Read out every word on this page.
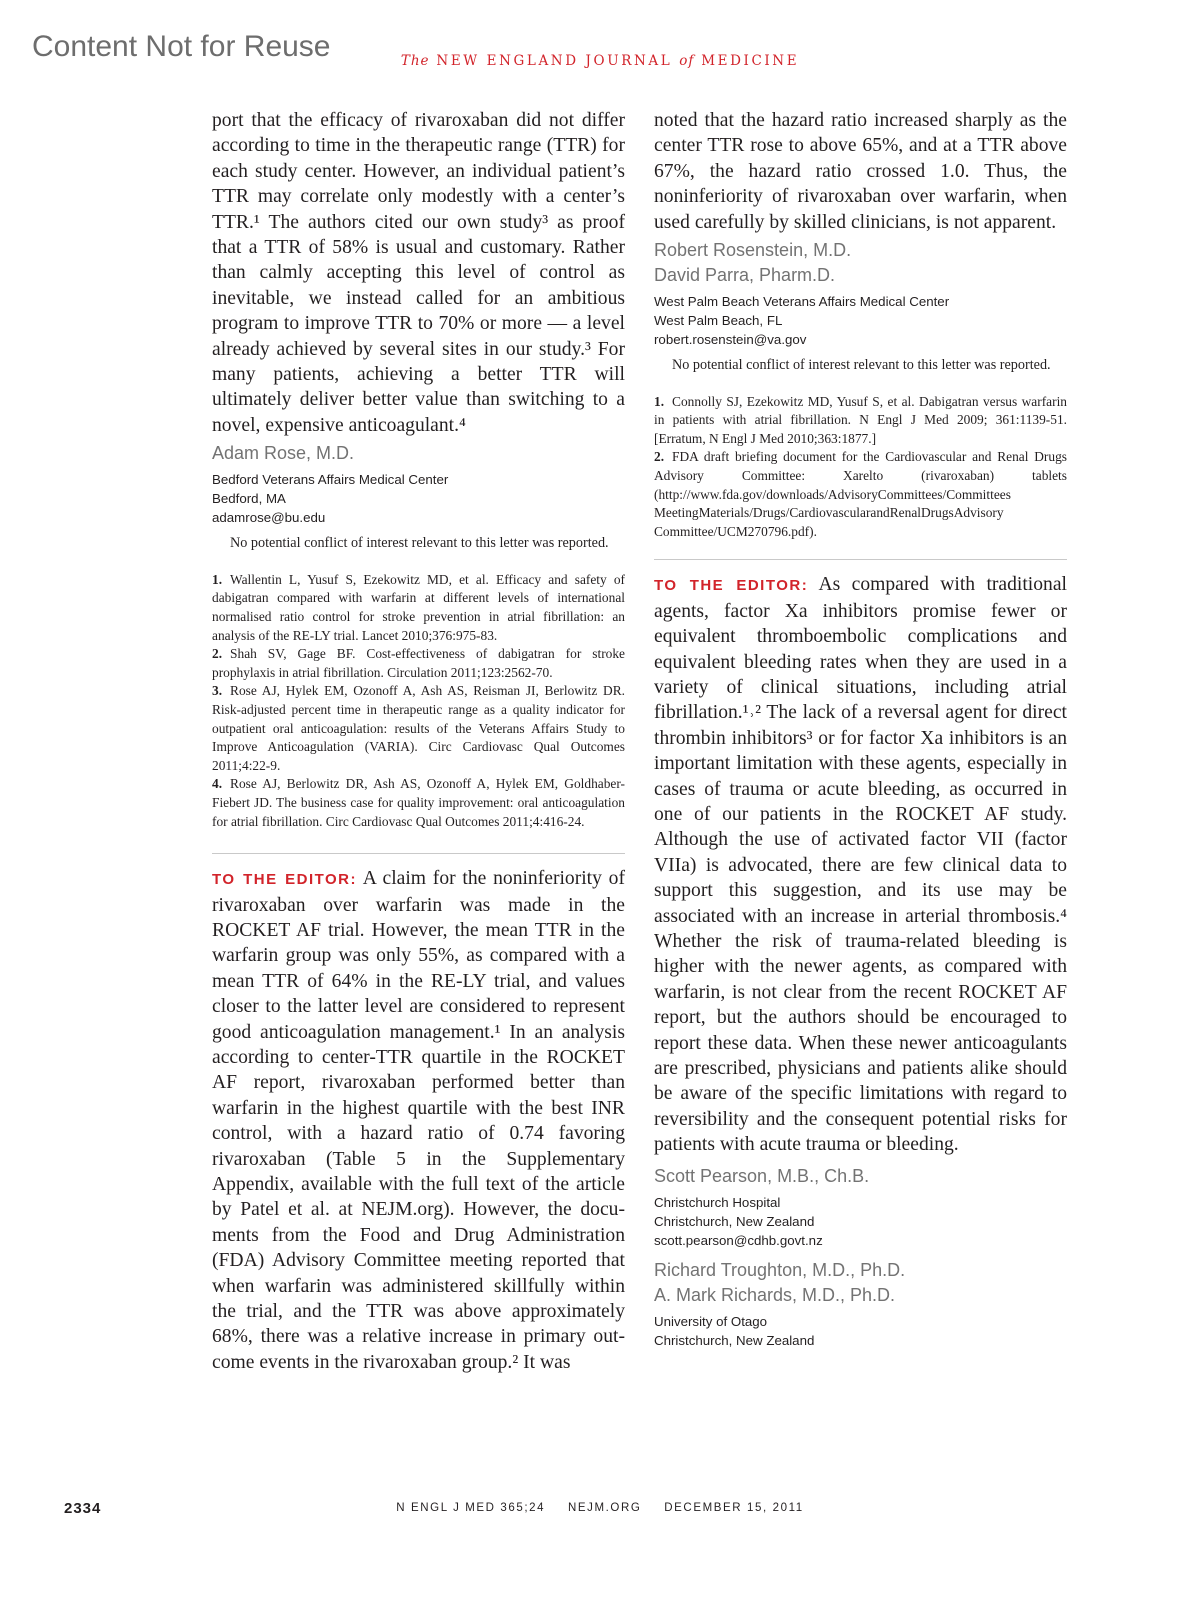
Content Not for Reuse	The NEW ENGLAND JOURNAL of MEDICINE

port that the efficacy of rivaroxaban did not differ according to time in the therapeutic range (TTR) for each study center. However, an individual patient’s TTR may correlate only modestly with a center’s TTR.¹ The authors cited our own study³ as proof that a TTR of 58% is usual and customary. Rather than calmly accepting this level of control as inevitable, we instead called for an ambitious program to improve TTR to 70% or more — a level already achieved by several sites in our study.³ For many patients, achieving a better TTR will ultimately deliver better value than switching to a novel, expensive anticoagulant.⁴

Adam Rose, M.D.
Bedford Veterans Affairs Medical Center
Bedford, MA
adamrose@bu.edu

No potential conflict of interest relevant to this letter was reported.

1. Wallentin L, Yusuf S, Ezekowitz MD, et al. Efficacy and safety of dabigatran compared with warfarin at different levels of international normalised ratio control for stroke prevention in atrial fibrillation: an analysis of the RE-LY trial. Lancet 2010;376:975-83.
2. Shah SV, Gage BF. Cost-effectiveness of dabigatran for stroke prophylaxis in atrial fibrillation. Circulation 2011;123:2562-70.
3. Rose AJ, Hylek EM, Ozonoff A, Ash AS, Reisman JI, Berlowitz DR. Risk-adjusted percent time in therapeutic range as a quality indicator for outpatient oral anticoagulation: results of the Veterans Affairs Study to Improve Anticoagulation (VARIA). Circ Cardiovasc Qual Outcomes 2011;4:22-9.
4. Rose AJ, Berlowitz DR, Ash AS, Ozonoff A, Hylek EM, Goldhaber-Fiebert JD. The business case for quality improvement: oral anticoagulation for atrial fibrillation. Circ Cardiovasc Qual Outcomes 2011;4:416-24.

TO THE EDITOR: A claim for the noninferiority of rivaroxaban over warfarin was made in the ROCKET AF trial. However, the mean TTR in the warfarin group was only 55%, as compared with a mean TTR of 64% in the RE-LY trial, and values closer to the latter level are considered to represent good anticoagulation management.¹ In an analysis according to center-TTR quartile in the ROCKET AF report, rivaroxaban performed better than warfarin in the highest quartile with the best INR control, with a hazard ratio of 0.74 favoring rivaroxaban (Table 5 in the Supplementary Appendix, available with the full text of the article by Patel et al. at NEJM.org). However, the documents from the Food and Drug Administration (FDA) Advisory Committee meeting reported that when warfarin was administered skillfully within the trial, and the TTR was above approximately 68%, there was a relative increase in primary outcome events in the rivaroxaban group.² It was

noted that the hazard ratio increased sharply as the center TTR rose to above 65%, and at a TTR above 67%, the hazard ratio crossed 1.0. Thus, the noninferiority of rivaroxaban over warfarin, when used carefully by skilled clinicians, is not apparent.

Robert Rosenstein, M.D.
David Parra, Pharm.D.
West Palm Beach Veterans Affairs Medical Center
West Palm Beach, FL
robert.rosenstein@va.gov

No potential conflict of interest relevant to this letter was reported.

1. Connolly SJ, Ezekowitz MD, Yusuf S, et al. Dabigatran versus warfarin in patients with atrial fibrillation. N Engl J Med 2009; 361:1139-51. [Erratum, N Engl J Med 2010;363:1877.]
2. FDA draft briefing document for the Cardiovascular and Renal Drugs Advisory Committee: Xarelto (rivaroxaban) tablets (http://www.fda.gov/downloads/AdvisoryCommittees/Committees MeetingMaterials/Drugs/CardiovascularandRenalDrugsAdvisory Committee/UCM270796.pdf).

TO THE EDITOR: As compared with traditional agents, factor Xa inhibitors promise fewer or equivalent thromboembolic complications and equivalent bleeding rates when they are used in a variety of clinical situations, including atrial fibrillation.¹˒² The lack of a reversal agent for direct thrombin inhibitors³ or for factor Xa inhibitors is an important limitation with these agents, especially in cases of trauma or acute bleeding, as occurred in one of our patients in the ROCKET AF study. Although the use of activated factor VII (factor VIIa) is advocated, there are few clinical data to support this suggestion, and its use may be associated with an increase in arterial thrombosis.⁴ Whether the risk of trauma-related bleeding is higher with the newer agents, as compared with warfarin, is not clear from the recent ROCKET AF report, but the authors should be encouraged to report these data. When these newer anticoagulants are prescribed, physicians and patients alike should be aware of the specific limitations with regard to reversibility and the consequent potential risks for patients with acute trauma or bleeding.

Scott Pearson, M.B., Ch.B.
Christchurch Hospital
Christchurch, New Zealand
scott.pearson@cdhb.govt.nz
Richard Troughton, M.D., Ph.D.
A. Mark Richards, M.D., Ph.D.
University of Otago
Christchurch, New Zealand
2334	N ENGL J MED 365;24 NEJM.ORG DECEMBER 15, 2011
